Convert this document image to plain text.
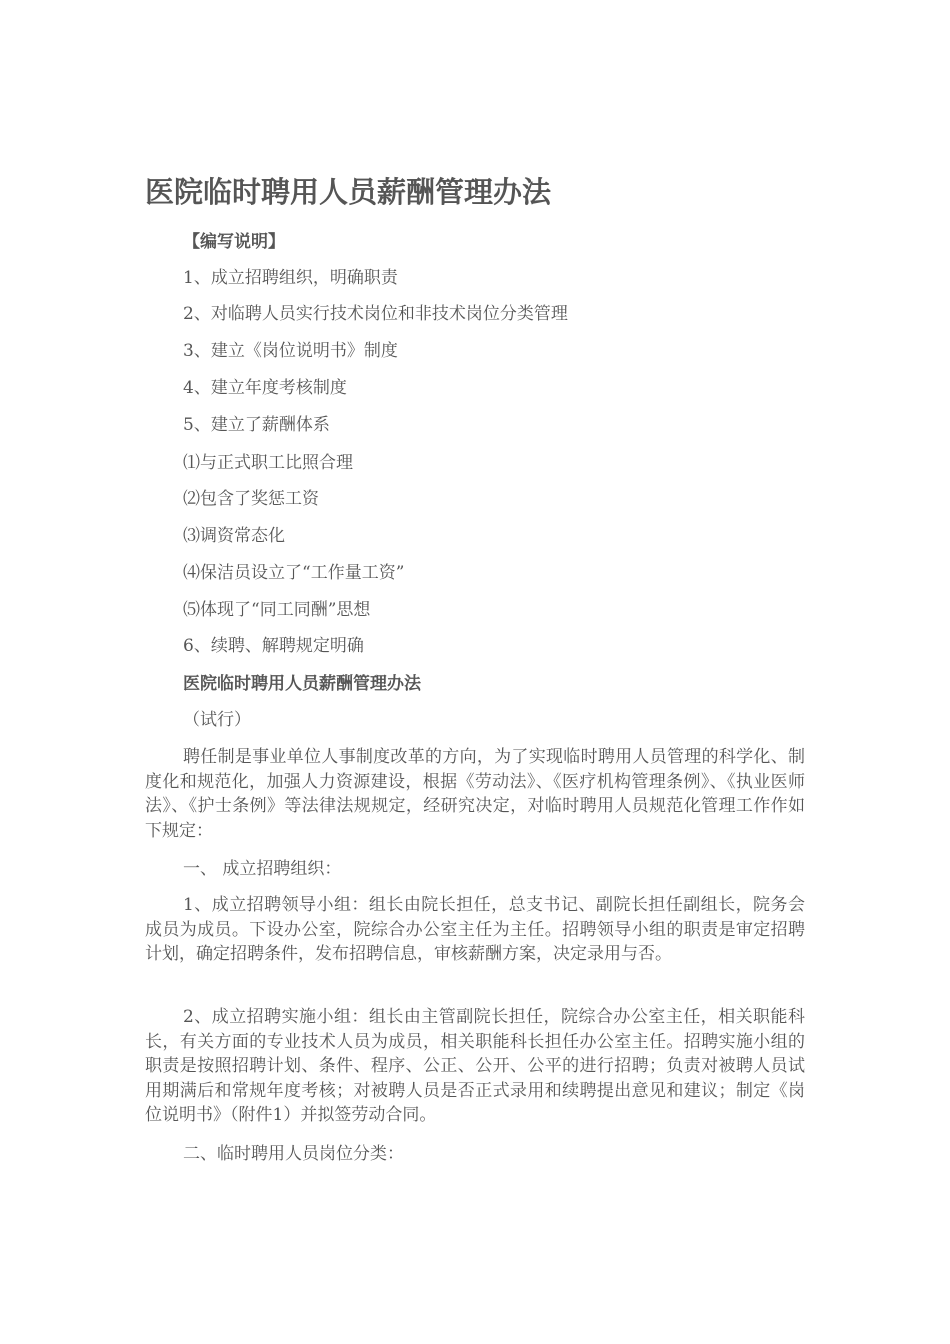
医院临时聘用人员薪酬管理办法
【编写说明】
1、成立招聘组织，明确职责
2、对临聘人员实行技术岗位和非技术岗位分类管理
3、建立《岗位说明书》制度
4、建立年度考核制度
5、建立了薪酬体系
⑴与正式职工比照合理
⑵包含了奖惩工资
⑶调资常态化
⑷保洁员设立了“工作量工资”
⑸体现了“同工同酬”思想
6、续聘、解聘规定明确
医院临时聘用人员薪酬管理办法
（试行）

聘任制是事业单位人事制度改革的方向，为了实现临时聘用人员管理的科学化、制度化和规范化，加强人力资源建设，根据《劳动法》、《医疗机构管理条例》、《执业医师法》、《护士条例》等法律法规规定，经研究决定，对临时聘用人员规范化管理工作作如下规定：

一、 成立招聘组织：

1、成立招聘领导小组：组长由院长担任，总支书记、副院长担任副组长，院务会成员为成员。下设办公室，院综合办公室主任为主任。招聘领导小组的职责是审定招聘计划，确定招聘条件，发布招聘信息，审核薪酬方案，决定录用与否。

2、成立招聘实施小组：组长由主管副院长担任，院综合办公室主任，相关职能科长，有关方面的专业技术人员为成员，相关职能科长担任办公室主任。招聘实施小组的职责是按照招聘计划、条件、程序、公正、公开、公平的进行招聘；负责对被聘人员试用期满后和常规年度考核；对被聘人员是否正式录用和续聘提出意见和建议；制定《岗位说明书》（附件1）并拟签劳动合同。

二、临时聘用人员岗位分类：
